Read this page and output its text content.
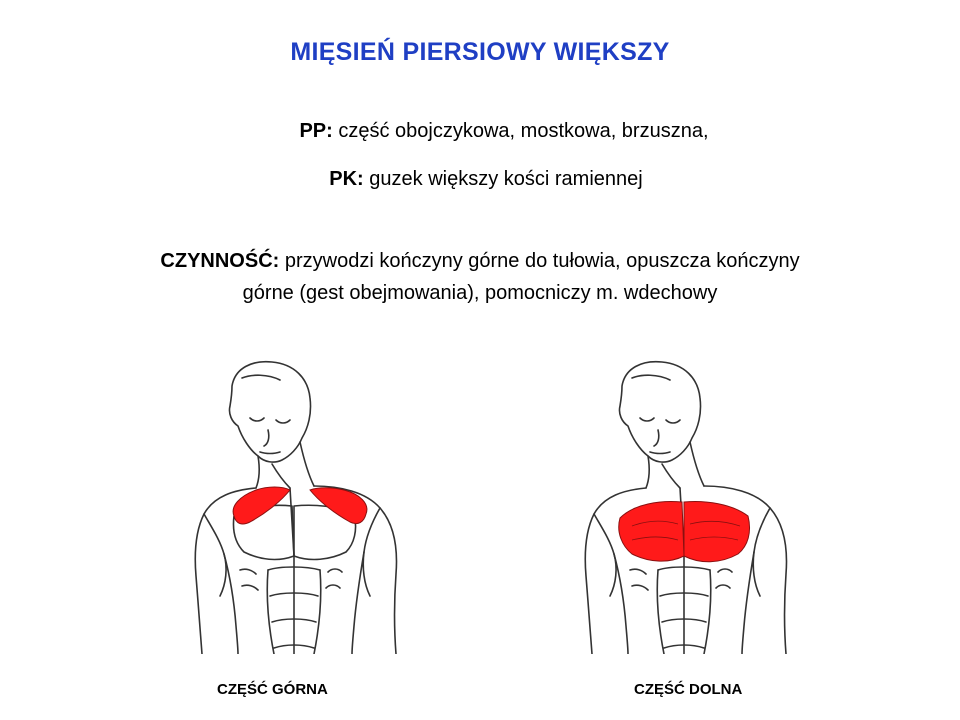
MIĘSIEŃ PIERSIOWY WIĘKSZY
PP: część obojczykowa, mostkowa, brzuszna,
PK: guzek większy kości ramiennej
CZYNNOŚĆ: przywodzi kończyny górne do tułowia, opuszcza kończyny
górne (gest obejmowania), pomocniczy m. wdechowy
CZĘŚĆ GÓRNA	CZĘŚĆ DOLNA
